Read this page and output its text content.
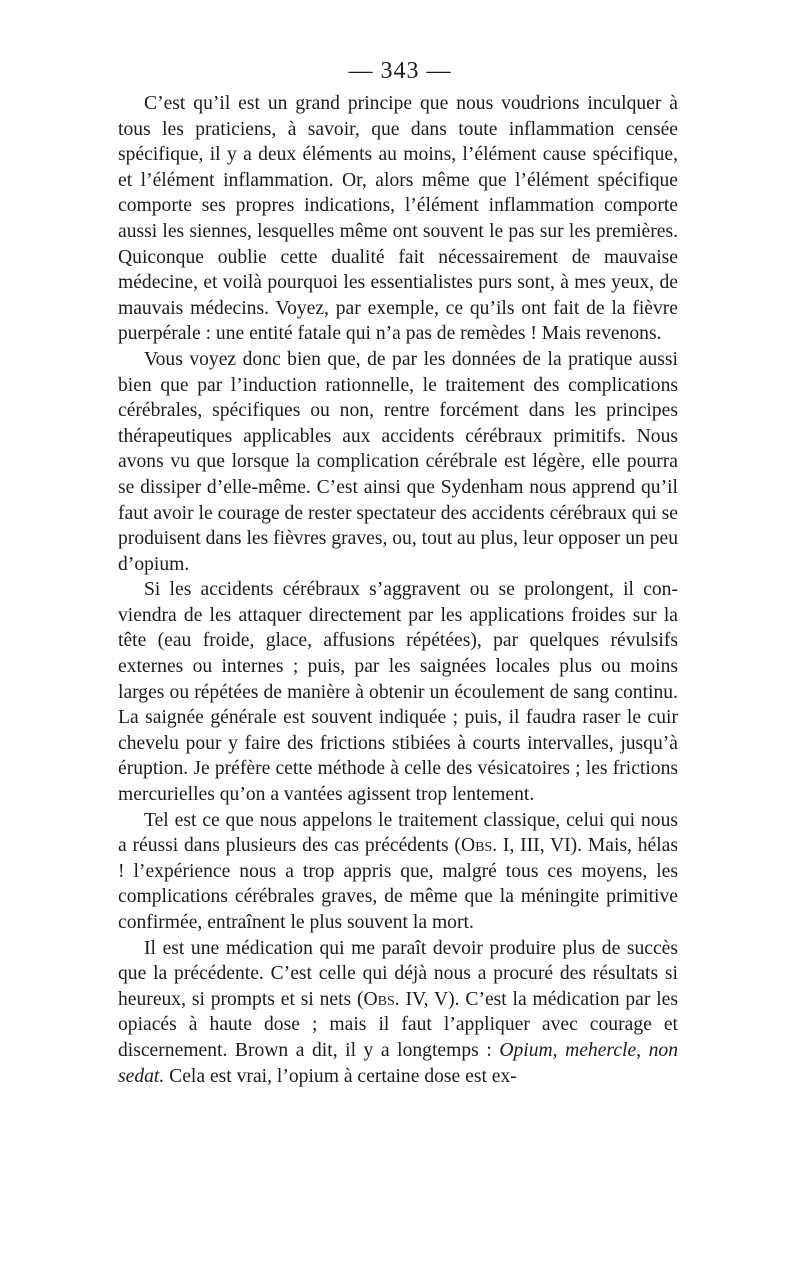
— 343 —

C’est qu’il est un grand principe que nous voudrions inculquer à tous les praticiens, à savoir, que dans toute inflammation censée spécifique, il y a deux éléments au moins, l’élément cause spécifique, et l’élément inflammation. Or, alors même que l’élément spécifique comporte ses propres indications, l’élément inflammation comporte aussi les siennes, lesquelles même ont souvent le pas sur les premières. Quiconque oublie cette dualité fait nécessairement de mauvaise médecine, et voilà pourquoi les essentialistes purs sont, à mes yeux, de mauvais médecins. Voyez, par exemple, ce qu’ils ont fait de la fièvre puerpérale : une entité fatale qui n’a pas de remèdes ! Mais revenons.

Vous voyez donc bien que, de par les données de la pratique aussi bien que par l’induction rationnelle, le traitement des complications cérébrales, spécifiques ou non, rentre forcément dans les principes thérapeutiques applicables aux accidents cérébraux primitifs. Nous avons vu que lorsque la complication cérébrale est légère, elle pourra se dissiper d’elle-même. C’est ainsi que Sydenham nous apprend qu’il faut avoir le courage de rester spectateur des accidents cérébraux qui se produisent dans les fièvres graves, ou, tout au plus, leur opposer un peu d’opium.

Si les accidents cérébraux s’aggravent ou se prolongent, il conviendra de les attaquer directement par les applications froides sur la tête (eau froide, glace, affusions répétées), par quelques révulsifs externes ou internes ; puis, par les saignées locales plus ou moins larges ou répétées de manière à obtenir un écoulement de sang continu. La saignée générale est souvent indiquée ; puis, il faudra raser le cuir chevelu pour y faire des frictions stibiées à courts intervalles, jusqu’à éruption. Je préfère cette méthode à celle des vésicatoires ; les frictions mercurielles qu’on a vantées agissent trop lentement.

Tel est ce que nous appelons le traitement classique, celui qui nous a réussi dans plusieurs des cas précédents (Obs. I, III, VI). Mais, hélas ! l’expérience nous a trop appris que, malgré tous ces moyens, les complications cérébrales graves, de même que la méningite primitive confirmée, entraînent le plus souvent la mort.

Il est une médication qui me paraît devoir produire plus de succès que la précédente. C’est celle qui déjà nous a procuré des résultats si heureux, si prompts et si nets (Obs. IV, V). C’est la médication par les opiacés à haute dose ; mais il faut l’appliquer avec courage et discernement. Brown a dit, il y a longtemps : Opium, mehercle, non sedat. Cela est vrai, l’opium à certaine dose est ex-
